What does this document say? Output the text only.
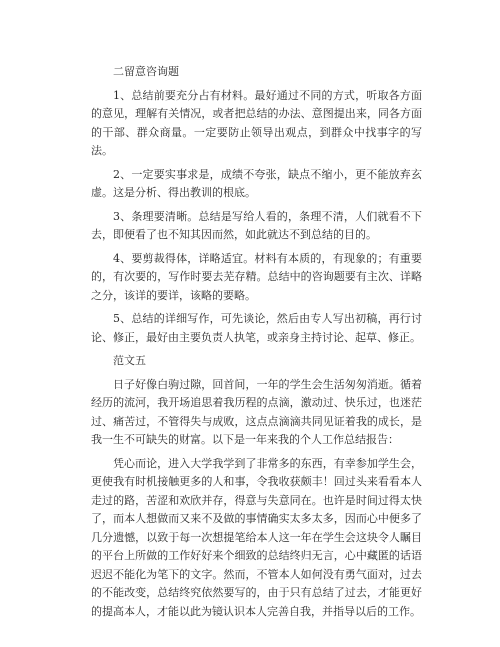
二留意咨询题

1、总结前要充分占有材料。最好通过不同的方式，听取各方面的意见，理解有关情况，或者把总结的办法、意图提出来，同各方面的干部、群众商量。一定要防止领导出观点，到群众中找事字的写法。

2、一定要实事求是，成绩不夸张，缺点不缩小，更不能放弃玄虚。这是分析、得出教训的根底。

3、条理要清晰。总结是写给人看的，条理不清，人们就看不下去，即便看了也不知其因而然，如此就达不到总结的目的。

4、要剪裁得体，详略适宜。材料有本质的，有现象的；有重要的，有次要的，写作时要去芜存精。总结中的咨询题要有主次、详略之分，该详的要详，该略的要略。

5、总结的详细写作，可先谈论，然后由专人写出初稿，再行讨论、修正，最好由主要负责人执笔，或亲身主持讨论、起草、修正。

范文五

日子好像白驹过隙，回首间，一年的学生会生活匆匆消逝。循着经历的流河，我开场追思着我历程的点滴，激动过、快乐过，也迷茫过、痛苦过，不管得失与成败，这点点滴滴共同见证着我的成长，是我一生不可缺失的财富。以下是一年来我的个人工作总结报告：

凭心而论，进入大学我学到了非常多的东西，有幸参加学生会，更使我有时机接触更多的人和事，令我收获颇丰！回过头来看看本人走过的路，苦涩和欢欣并存，得意与失意同在。也许是时间过得太快了，而本人想做而又来不及做的事情确实太多太多，因而心中便多了几分遗憾，以致于每一次想提笔给本人这一年在学生会这块令人瞩目的平台上所做的工作好好来个细致的总结终归无言，心中藏匿的话语迟迟不能化为笔下的文字。然而，不管本人如何没有勇气面对，过去的不能改变，总结终究依然要写的，由于只有总结了过去，才能更好的提高本人，才能以此为镜认识本人完善自我，并指导以后的工作。
